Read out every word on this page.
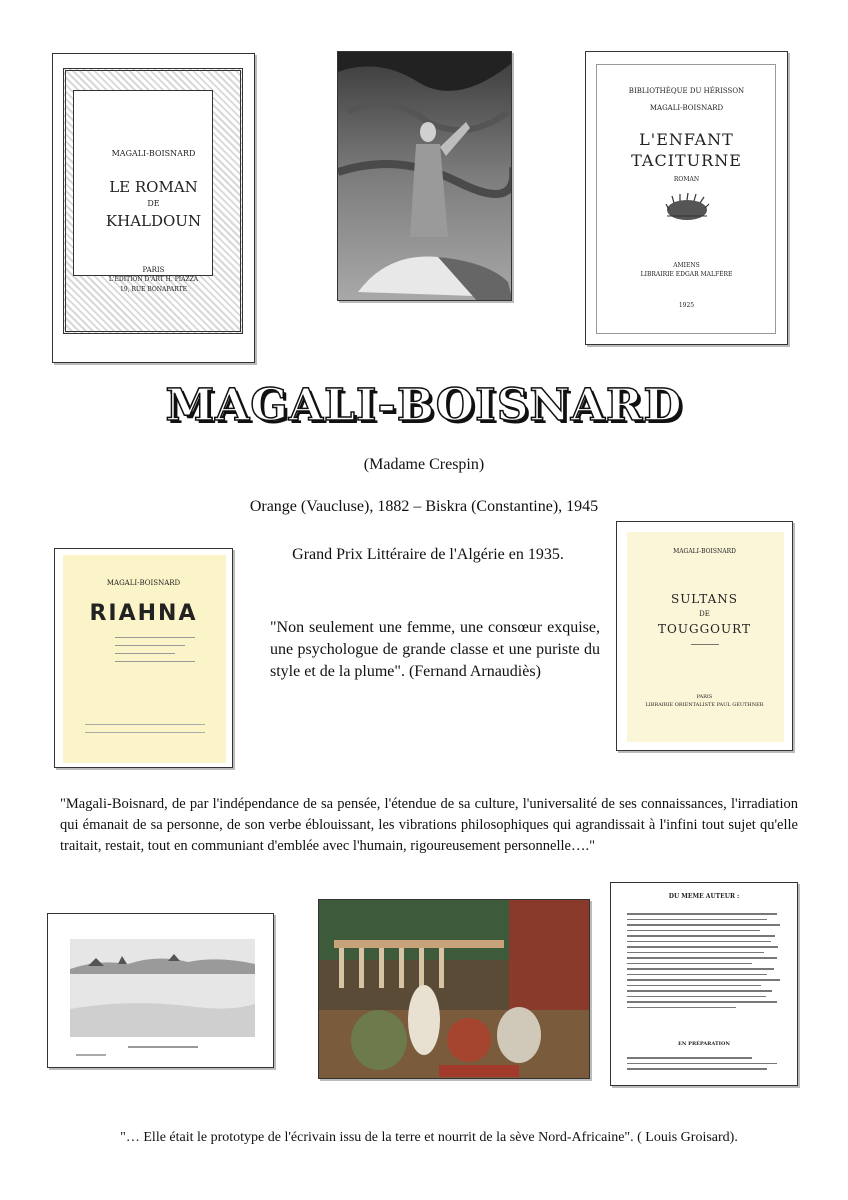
MAGALI-BOISNARD
LE ROMAN
DE
KHALDOUN
PARIS
L'EDITION D'ART H. PIAZZA
19, RUE BONAPARTE
BIBLIOTHÈQUE DU HÉRISSON
MAGALI-BOISNARD
L'ENFANT
TACITURNE
ROMAN
AMIENS
LIBRAIRIE EDGAR MALFÈRE
1925
MAGALI-BOISNARD
(Madame Crespin)
Orange (Vaucluse), 1882 – Biskra (Constantine), 1945
Grand Prix Littéraire de l'Algérie en 1935.
MAGALI-BOISNARD
RIAHNA
"Non seulement une femme, une consœur exquise, une psychologue de grande classe et une puriste du style et de la plume". (Fernand Arnaudiès)
MAGALI-BOISNARD
SULTANS
DE
TOUGGOURT
PARIS
LIBRAIRIE ORIENTALISTE PAUL GEUTHNER
"Magali-Boisnard, de par l'indépendance de sa pensée, l'étendue de sa culture, l'universalité de ses connaissances, l'irradiation qui émanait de sa personne, de son verbe éblouissant, les vibrations philosophiques qui agrandissait à l'infini tout sujet qu'elle traitait, restait, tout en communiant d'emblée avec l'humain, rigoureusement personnelle…."
DU MEME AUTEUR :
EN PRÉPARATION
"… Elle était le prototype de l'écrivain issu de la terre et nourrit de la sève Nord-Africaine". ( Louis Groisard).
